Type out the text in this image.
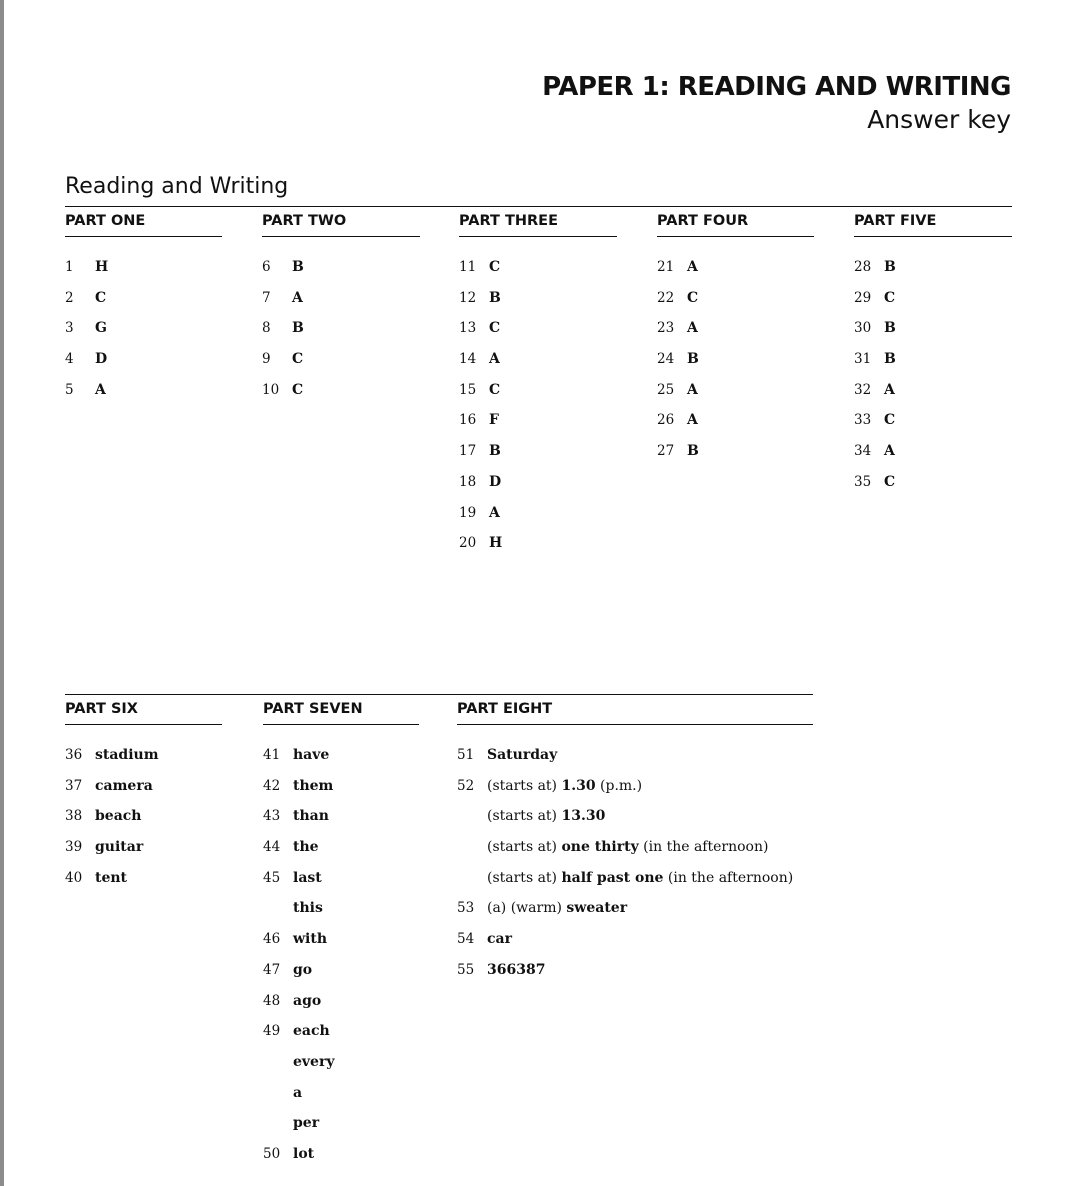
PAPER 1: READING AND WRITING
Answer key
Reading and Writing
PART ONE
1 H
2 C
3 G
4 D
5 A
PART TWO
6 B
7 A
8 B
9 C
10 C
PART THREE
11 C
12 B
13 C
14 A
15 C
16 F
17 B
18 D
19 A
20 H
PART FOUR
21 A
22 C
23 A
24 B
25 A
26 A
27 B
PART FIVE
28 B
29 C
30 B
31 B
32 A
33 C
34 A
35 C
PART SIX
36 stadium
37 camera
38 beach
39 guitar
40 tent
PART SEVEN
41 have
42 them
43 than
44 the
45 last
this
46 with
47 go
48 ago
49 each
every
a
per
50 lot
PART EIGHT
51 Saturday
52 (starts at) 1.30 (p.m.)
(starts at) 13.30
(starts at) one thirty (in the afternoon)
(starts at) half past one (in the afternoon)
53 (a) (warm) sweater
54 car
55 366387
